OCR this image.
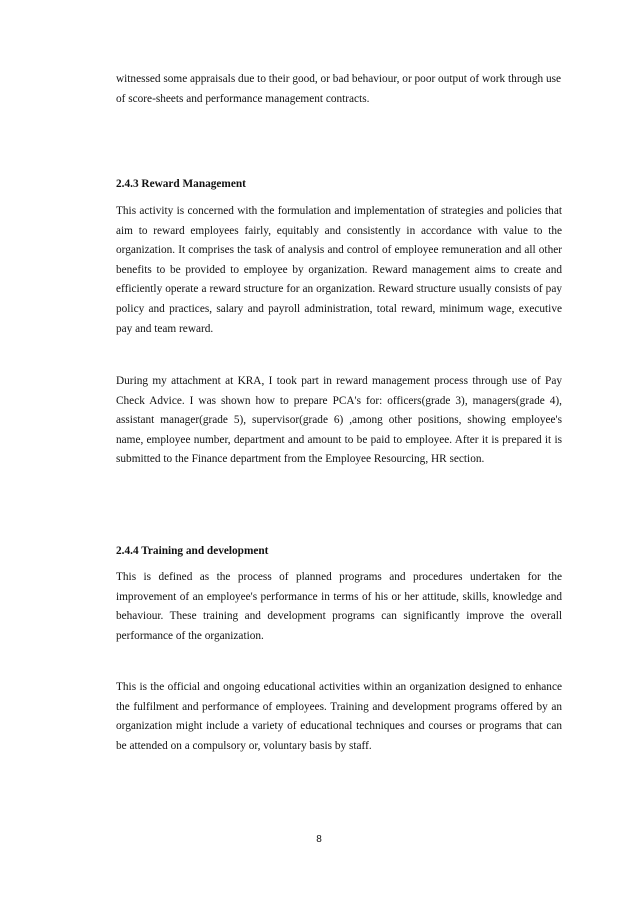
witnessed some appraisals due to their good, or bad behaviour, or poor output of work through use of score-sheets and performance management contracts.

2.4.3 Reward Management

This activity is concerned with the formulation and implementation of strategies and policies that aim to reward employees fairly, equitably and consistently in accordance with value to the organization. It comprises the task of analysis and control of employee remuneration and all other benefits to be provided to employee by organization. Reward management aims to create and efficiently operate a reward structure for an organization. Reward structure usually consists of pay policy and practices, salary and payroll administration, total reward, minimum wage, executive pay and team reward.

During my attachment at KRA, I took part in reward management process through use of Pay Check Advice. I was shown how to prepare PCA's for: officers(grade 3), managers(grade 4), assistant manager(grade 5), supervisor(grade 6) ,among other positions, showing employee's name, employee number, department and amount to be paid to employee. After it is prepared it is submitted to the Finance department from the Employee Resourcing, HR section.

2.4.4 Training and development

This is defined as the process of planned programs and procedures undertaken for the improvement of an employee's performance in terms of his or her attitude, skills, knowledge and behaviour. These training and development programs can significantly improve the overall performance of the organization.

This is the official and ongoing educational activities within an organization designed to enhance the fulfilment and performance of employees. Training and development programs offered by an organization might include a variety of educational techniques and courses or programs that can be attended on a compulsory or, voluntary basis by staff.

8
